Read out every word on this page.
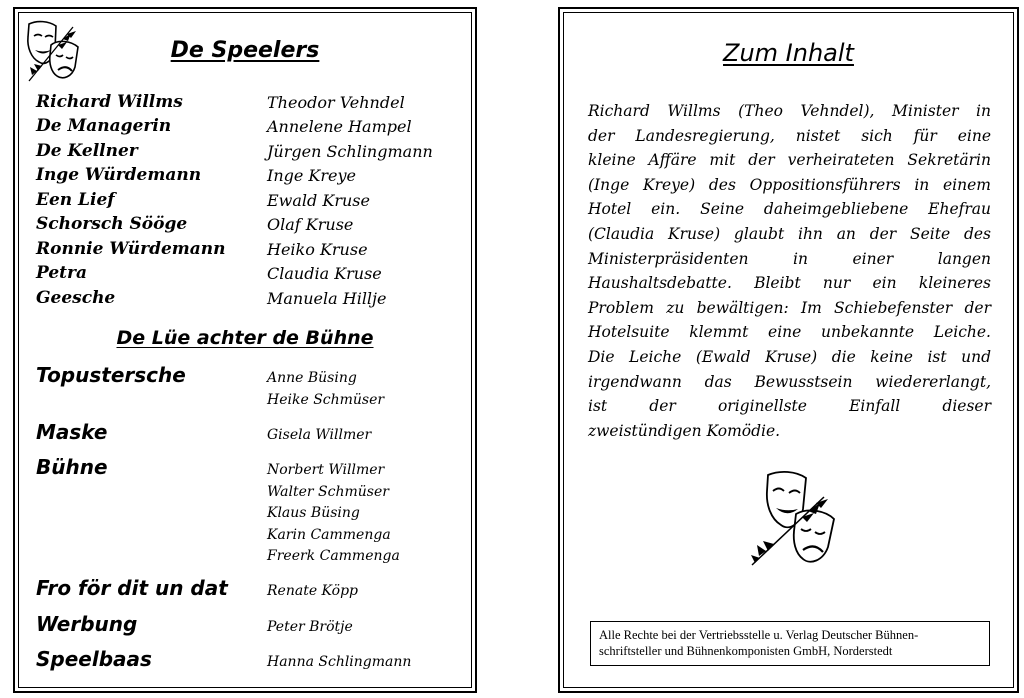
De Speelers
Richard Willms	Theodor Vehndel
De Managerin	Annelene Hampel
De Kellner	Jürgen Schlingmann
Inge Würdemann	Inge Kreye
Een Lief	Ewald Kruse
Schorsch Sööge	Olaf Kruse
Ronnie Würdemann	Heiko Kruse
Petra	Claudia Kruse
Geesche	Manuela Hillje
De Lüe achter de Bühne
Topustersche	Anne Büsing
Heike Schmüser
Maske	Gisela Willmer
Bühne	Norbert Willmer
Walter Schmüser
Klaus Büsing
Karin Cammenga
Freerk Cammenga
Fro för dit un dat	Renate Köpp
Werbung	Peter Brötje
Speelbaas	Hanna Schlingmann
Zum Inhalt
Richard Willms (Theo Vehndel), Minister in
der Landesregierung, nistet sich für eine
kleine Affäre mit der verheirateten Sekretärin
(Inge Kreye) des Oppositionsführers in einem
Hotel ein. Seine daheimgebliebene Ehefrau
(Claudia Kruse) glaubt ihn an der Seite des
Ministerpräsidenten in einer langen
Haushaltsdebatte. Bleibt nur ein kleineres
Problem zu bewältigen: Im Schiebefenster der
Hotelsuite klemmt eine unbekannte Leiche.
Die Leiche (Ewald Kruse) die keine ist und
irgendwann das Bewusstsein wiedererlangt,
ist der originellste Einfall dieser
zweistündigen Komödie.
Alle Rechte bei der Vertriebsstelle u. Verlag Deutscher Bühnen-
schriftsteller und Bühnenkomponisten GmbH, Norderstedt
